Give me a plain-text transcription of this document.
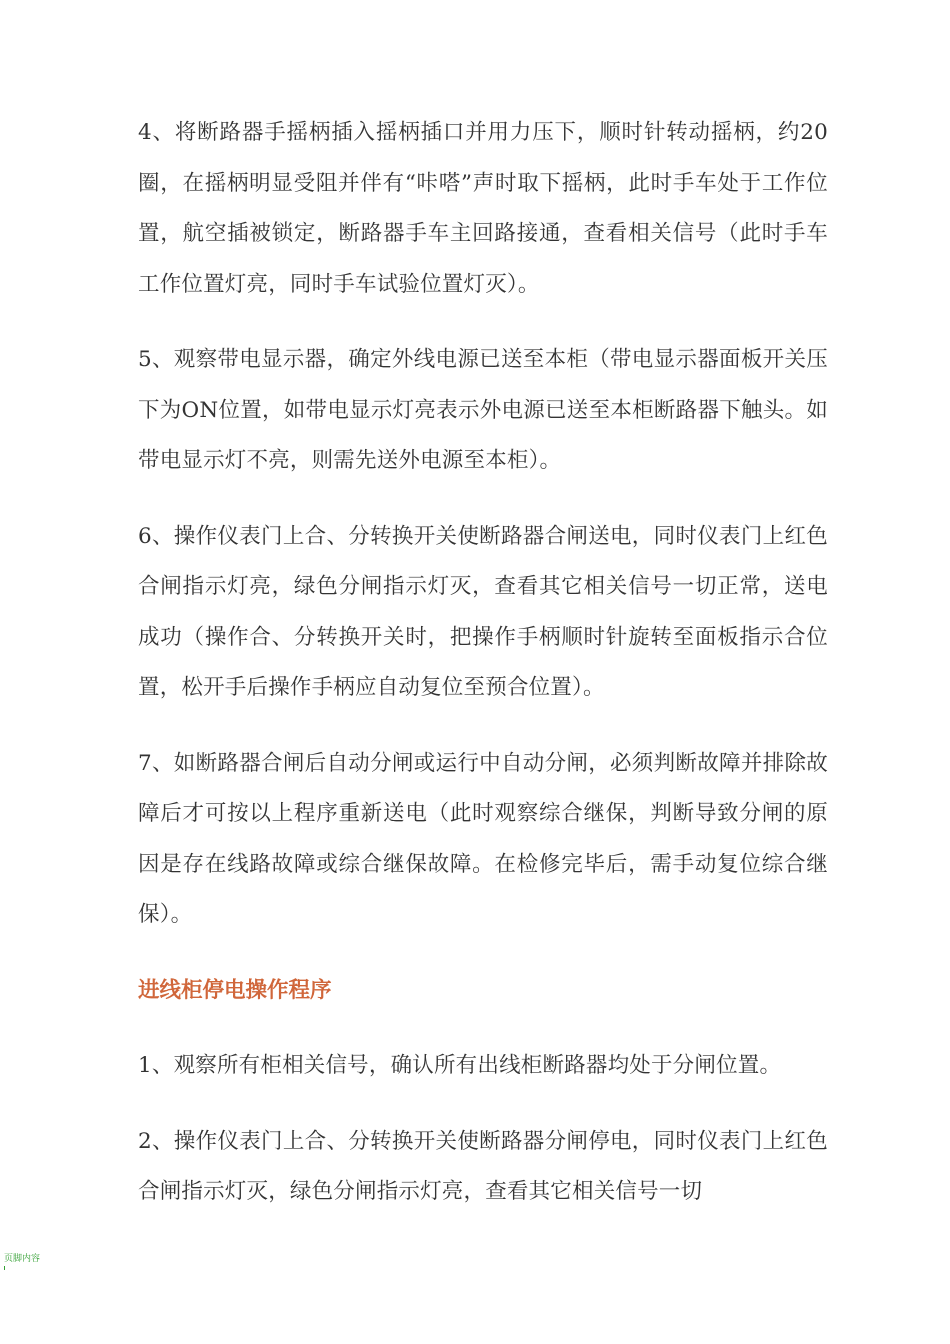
4、将断路器手摇柄插入摇柄插口并用力压下，顺时针转动摇柄，约20圈，在摇柄明显受阻并伴有“咔嗒”声时取下摇柄，此时手车处于工作位置，航空插被锁定，断路器手车主回路接通，查看相关信号（此时手车工作位置灯亮，同时手车试验位置灯灭）。

5、观察带电显示器，确定外线电源已送至本柜（带电显示器面板开关压下为ON位置，如带电显示灯亮表示外电源已送至本柜断路器下触头。如带电显示灯不亮，则需先送外电源至本柜）。

6、操作仪表门上合、分转换开关使断路器合闸送电，同时仪表门上红色合闸指示灯亮，绿色分闸指示灯灭，查看其它相关信号一切正常，送电成功（操作合、分转换开关时，把操作手柄顺时针旋转至面板指示合位置，松开手后操作手柄应自动复位至预合位置）。

7、如断路器合闸后自动分闸或运行中自动分闸，必须判断故障并排除故障后才可按以上程序重新送电（此时观察综合继保，判断导致分闸的原因是存在线路故障或综合继保故障。在检修完毕后，需手动复位综合继保）。

进线柜停电操作程序

1、观察所有柜相关信号，确认所有出线柜断路器均处于分闸位置。

2、操作仪表门上合、分转换开关使断路器分闸停电，同时仪表门上红色合闸指示灯灭，绿色分闸指示灯亮，查看其它相关信号一切

页脚内容
